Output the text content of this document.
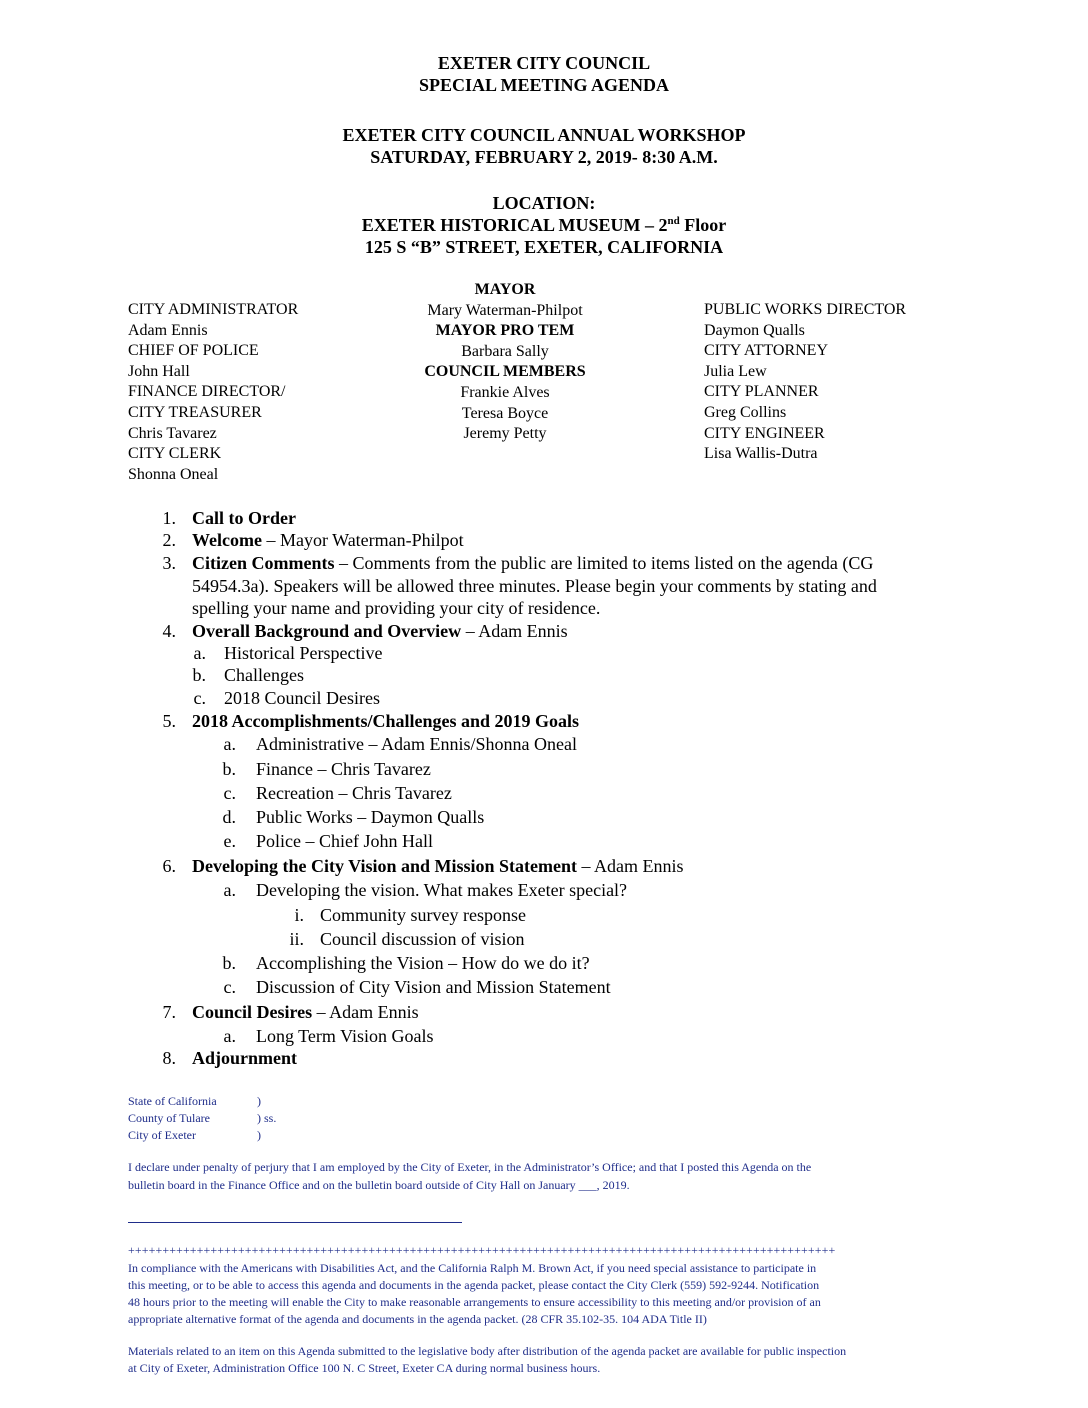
EXETER CITY COUNCIL
SPECIAL MEETING AGENDA
EXETER CITY COUNCIL ANNUAL WORKSHOP
SATURDAY, FEBRUARY 2, 2019- 8:30 A.M.
LOCATION:
EXETER HISTORICAL MUSEUM – 2nd Floor
125 S “B” STREET, EXETER, CALIFORNIA
CITY ADMINISTRATOR
Adam Ennis
CHIEF OF POLICE
John Hall
FINANCE DIRECTOR/
CITY TREASURER
Chris Tavarez
CITY CLERK
Shonna Oneal
MAYOR
Mary Waterman-Philpot
MAYOR PRO TEM
Barbara Sally
COUNCIL MEMBERS
Frankie Alves
Teresa Boyce
Jeremy Petty
PUBLIC WORKS DIRECTOR
Daymon Qualls
CITY ATTORNEY
Julia Lew
CITY PLANNER
Greg Collins
CITY ENGINEER
Lisa Wallis-Dutra
1. Call to Order
2. Welcome – Mayor Waterman-Philpot
3. Citizen Comments – Comments from the public are limited to items listed on the agenda (CG
54954.3a). Speakers will be allowed three minutes. Please begin your comments by stating and
spelling your name and providing your city of residence.
4. Overall Background and Overview – Adam Ennis
a. Historical Perspective
b. Challenges
c. 2018 Council Desires
5. 2018 Accomplishments/Challenges and 2019 Goals
a. Administrative – Adam Ennis/Shonna Oneal
b. Finance – Chris Tavarez
c. Recreation – Chris Tavarez
d. Public Works – Daymon Qualls
e. Police – Chief John Hall
6. Developing the City Vision and Mission Statement – Adam Ennis
a. Developing the vision. What makes Exeter special?
i. Community survey response
ii. Council discussion of vision
b. Accomplishing the Vision – How do we do it?
c. Discussion of City Vision and Mission Statement
7. Council Desires – Adam Ennis
a. Long Term Vision Goals
8. Adjournment
State of California	)
County of Tulare	) ss.
City of Exeter	)
I declare under penalty of perjury that I am employed by the City of Exeter, in the Administrator’s Office; and that I posted this Agenda on the
bulletin board in the Finance Office and on the bulletin board outside of City Hall on January ___, 2019.
+++++++++++++++++++++++++++++++++++++++++++++++++++++++++++++++++++++++++++++++++++++++++++++++++++++++
In compliance with the Americans with Disabilities Act, and the California Ralph M. Brown Act, if you need special assistance to participate in
this meeting, or to be able to access this agenda and documents in the agenda packet, please contact the City Clerk (559) 592-9244. Notification
48 hours prior to the meeting will enable the City to make reasonable arrangements to ensure accessibility to this meeting and/or provision of an
appropriate alternative format of the agenda and documents in the agenda packet. (28 CFR 35.102-35. 104 ADA Title II)
Materials related to an item on this Agenda submitted to the legislative body after distribution of the agenda packet are available for public inspection
at City of Exeter, Administration Office 100 N. C Street, Exeter CA during normal business hours.
